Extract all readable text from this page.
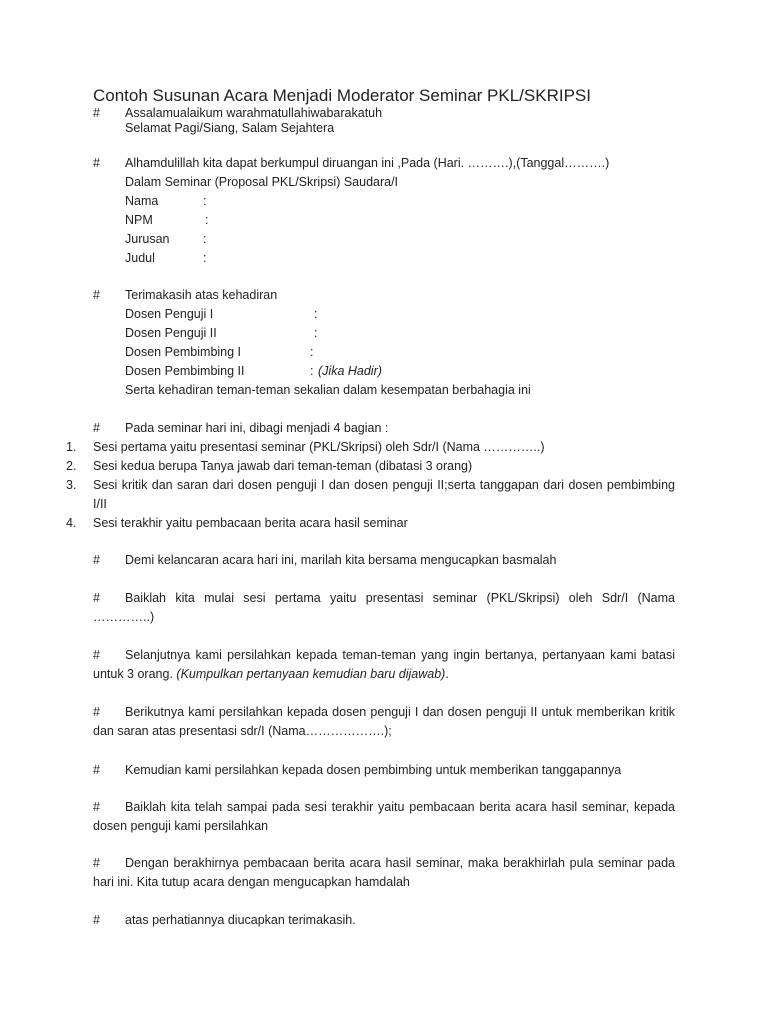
Contoh Susunan Acara Menjadi Moderator Seminar PKL/SKRIPSI
# Assalamualaikum warahmatullahiwabarakatuh
Selamat Pagi/Siang, Salam Sejahtera
# Alhamdulillah kita dapat berkumpul diruangan ini ,Pada (Hari. ……….),(Tanggal……….)
Dalam Seminar (Proposal PKL/Skripsi) Saudara/I
Nama	:
NPM	:
Jurusan	:
Judul	:
# Terimakasih atas kehadiran
Dosen Penguji I	:
Dosen Penguji II	:
Dosen Pembimbing I	:
Dosen Pembimbing II	: (Jika Hadir)
Serta kehadiran teman-teman sekalian dalam kesempatan berbahagia ini
# Pada seminar hari ini, dibagi menjadi 4 bagian :
1. Sesi pertama yaitu presentasi seminar (PKL/Skripsi) oleh Sdr/I (Nama …………..)
2. Sesi kedua berupa Tanya jawab dari teman-teman (dibatasi 3 orang)
3. Sesi kritik dan saran dari dosen penguji I dan dosen penguji II;serta tanggapan dari dosen pembimbing I/II
4. Sesi terakhir yaitu pembacaan berita acara hasil seminar
# Demi kelancaran acara hari ini, marilah kita bersama mengucapkan basmalah
# Baiklah kita mulai sesi pertama yaitu presentasi seminar (PKL/Skripsi) oleh Sdr/I (Nama …………..)
# Selanjutnya kami persilahkan kepada teman-teman yang ingin bertanya, pertanyaan kami batasi untuk 3 orang. (Kumpulkan pertanyaan kemudian baru dijawab).
# Berikutnya kami persilahkan kepada dosen penguji I dan dosen penguji II untuk memberikan kritik dan saran atas presentasi sdr/I (Nama……………….);
# Kemudian kami persilahkan kepada dosen pembimbing untuk memberikan tanggapannya
# Baiklah kita telah sampai pada sesi terakhir yaitu pembacaan berita acara hasil seminar, kepada dosen penguji kami persilahkan
# Dengan berakhirnya pembacaan berita acara hasil seminar, maka berakhirlah pula seminar pada hari ini. Kita tutup acara dengan mengucapkan hamdalah
# atas perhatiannya diucapkan terimakasih.
